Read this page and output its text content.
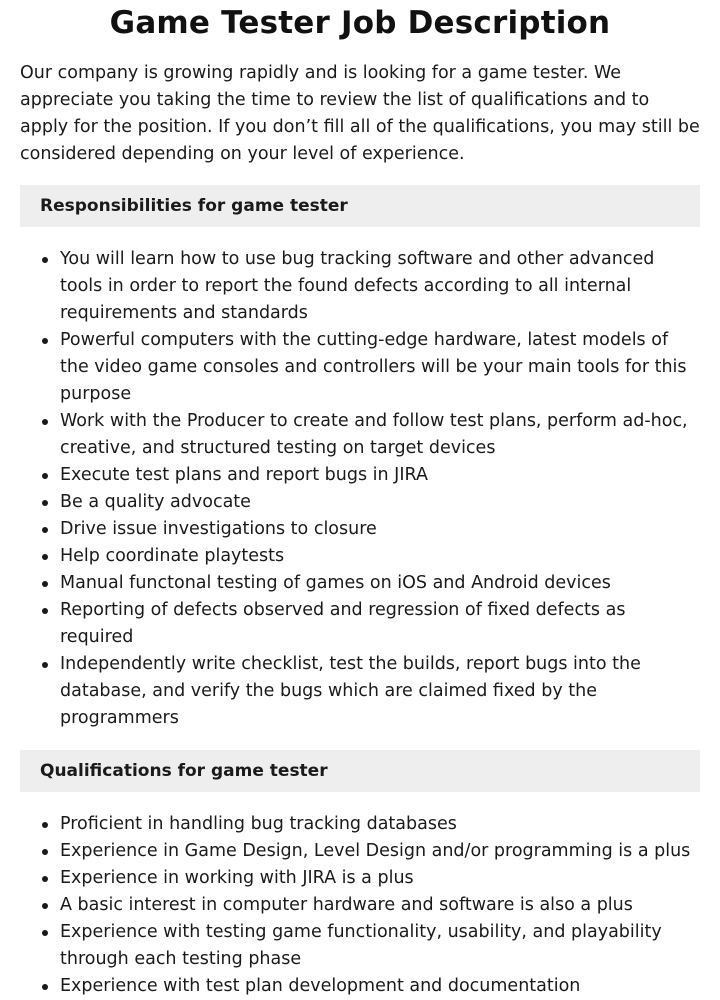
Game Tester Job Description

Our company is growing rapidly and is looking for a game tester. We appreciate you taking the time to review the list of qualifications and to apply for the position. If you don’t fill all of the qualifications, you may still be considered depending on your level of experience.

Responsibilities for game tester
You will learn how to use bug tracking software and other advanced tools in order to report the found defects according to all internal requirements and standards
Powerful computers with the cutting-edge hardware, latest models of the video game consoles and controllers will be your main tools for this purpose
Work with the Producer to create and follow test plans, perform ad-hoc, creative, and structured testing on target devices
Execute test plans and report bugs in JIRA
Be a quality advocate
Drive issue investigations to closure
Help coordinate playtests
Manual functonal testing of games on iOS and Android devices
Reporting of defects observed and regression of fixed defects as required
Independently write checklist, test the builds, report bugs into the database, and verify the bugs which are claimed fixed by the programmers
Qualifications for game tester
Proficient in handling bug tracking databases
Experience in Game Design, Level Design and/or programming is a plus
Experience in working with JIRA is a plus
A basic interest in computer hardware and software is also a plus
Experience with testing game functionality, usability, and playability through each testing phase
Experience with test plan development and documentation
